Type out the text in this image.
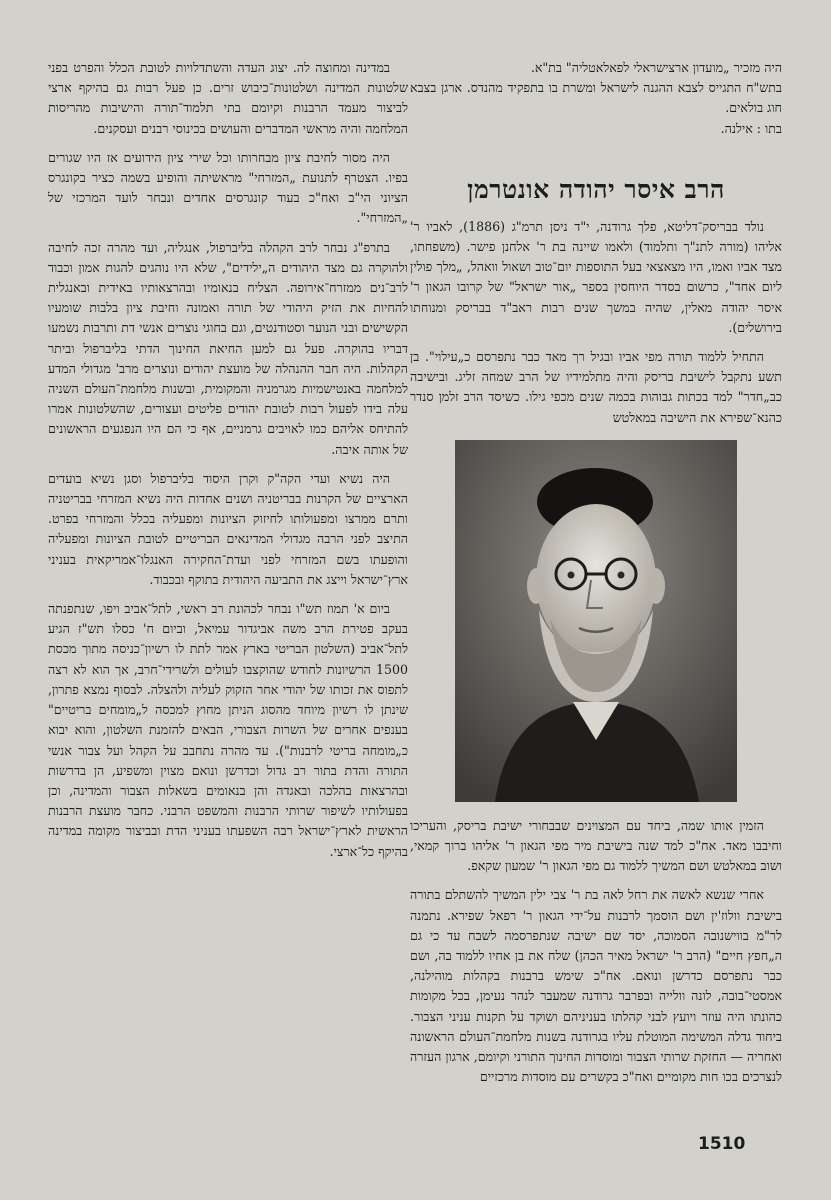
היה מזכיר „מועדון ארצישראלי לפאלאטליה" בת"א.

בתש"ח התגייס לצבא ההגנה לישראל ומשרת בו בתפקיד מהנדס. ארגן בצבא חוג בולאים.

בתו : אילנה.

הרב איסר יהודה אונטרמן

נולד בבריסק־דליטא, פלך גרודנה, י"ד ניסן תרמ"ג (1886), לאביו ר' אליהו (מורה לתנ"ך ותלמוד) ולאמו שיינה בת ר' אלחנן פישר. (משפחתו, מצד אביו ואמו, היו מצאצאי בעל התוספות יום־טוב ושאול וואהל, „מלך פולין ליום אחד", כרשום בסדר היוחסין בספר „אור ישראל" של קרובו הגאון ר' איסר יהודה מאלין, שהיה במשך שנים רבות ראב"ד בבריסק ומנוחתו בירושלים).

התחיל ללמוד תורה מפי אביו ובגיל רך מאד כבר נתפרסם כ„עילוי". בן תשע נתקבל לישיבת בריסק והיה מתלמידיו של הרב שמחה זליג. ובישיבה כב„חדר" למד בכתות גבוהות בכמה שנים מכפי גילו. כשיסד הרב זלמן סנדר כהנא־שפירא את הישיבה במאלטש

הזמין אותו שמה, ביחד עם המצוינים שבבחורי ישיבת בריסק, והעריכו וחיבבו מאד. אח"כ למד שנה בישיבת מיר מפי הגאון ר' אליהו ברוך קמאי, ושוב במאלטש ושם המשיך ללמוד גם מפי הגאון ר' שמעון שקאפ.

אחרי שנשא לאשה את רחל לאה בת ר' צבי ילין המשיך להשתלם בתורה בישיבת וולוז'ין ושם הוסמך לרבנות על־ידי הגאון ר' רפאל שפירא. נתמנה לר"מ בווישנובה הסמוכה, יסד שם ישיבה שנתפרסמה לשבח עד כי גם ה„חפץ חיים" (הרב ר' ישראל מאיר הכהן) שלח את בן אחיו ללמוד בה, ושם כבר נתפרסם כדרשן ונואם. אח"כ שימש ברבנות בקהלות מוהילנה, אמסטי־בובה, לונה וולייה ובפרבר גרודנה שמעבר לנהר נעימן, בכל מקומות כהונתו היה עוזר ויועץ לבני קהלתו בעניניהם ושוקד על תקנות עניני הצבור. ביחוד גדלה המשימה המוטלת עליו בגרודנה בשנות מלחמת־העולם הראשונה ואחריה — החזקת שרותי הצבור ומוסדות החינוך התורני וקיומם, ארגון העזרה לנצרכים בכו חות מקומיים ואח"כ בקשרים עם מוסדות מרכזיים

במדינה ומחוצה לה. יצוג העדה והשתדלויות לטובת הכלל והפרט בפני שלטונות המדינה ושלטונות־כיבוש זרים. כן פעל רבות גם בהיקף ארצי לביצור מעמד הרבנות וקיומם בתי תלמוד־תורה והישיבות מהריסות המלחמה והיה מראשי המדברים והעושים בכינוסי רבנים ועסקנים.

היה מסור לחיבת ציון מבחרותו וכל שירי ציון הידועים אז היו שגורים בפיו. הצטרף לתנועת „המזרחי" מראשיתה והופיע בשמה כציר בקונגרס הציוני הי"ב ואח"כ בעוד קונגרסים אחדים ונבחר לועד המרכזי של „המזרחי".

בתרפ"ג נבחר לרב הקהלה בליברפול, אנגליה, ועד מהרה זכה לחיבה ולהוקרה גם מצד היהודים ה„ילידים", שלא היו נוהגים להגות אמון וכבוד לרב־נים ממזרח־אירופה. הצליח בנאומיו ובהרצאותיו באידית ובאנגלית להחיות את הזיק היהודי של תורה ואמונה וחיבת ציון בלבות שומעיו הקשישים ובני הנוער וסטודנטים, וגם בחוגי נוצרים אנשי דת ותרבות נשמעו דבריו בהוקרה. פעל גם למען החיאת החינוך הדתי בליברפול וביתר הקהלות. היה חבר ההנהלה של מועצת יהודים ונוצרים מרב' מגדולי המדע למלחמה באנטישמיות מגרמניה והמקומית, ובשנות מלחמת־העולם השניה עלה בידו לפעול רבות לטובת יהודים פליטים ועצורים, שהשלטונות אמרו להתיחס אליהם כמו לאויבים גרמניים, אף כי הם היו הנפגעים הראשונים של אותה איבה.

היה נשיא ועדי הקה"ק וקרן היסוד בליברפול וסגן נשיא בועדים הארציים של הקרנות בבריטניה ושנים אחדות היה נשיא המזרחי בבריטניה ותרם ממרצו ומפעולותו לחיזוק הציונות ומפעליה בכלל והמזרחי בפרט. התיצב לפני הרבה מגדולי המדינאים הבריטיים לטובת הציונות ומפעליה והופעתו בשם המזרחי לפני ועדת־החקירה האנגלו־אמריקאית בעניני ארץ־ישראל וייצג את התביעה היהודית בתוקף ובכבוד.

ביום א' תמוז תש"ו נבחר לכהונת רב ראשי, לתל־אביב ויפו, שנתפנתה בעקב פטירת הרב משה אביגדור עמיאל, וביום ח' כסלו תש"ז הגיע לתל־אביב (השלטון הבריטי בארץ אמר לתת לו רשיון־כניסה מתוך מכסת 1500 הרשיונות לחודש שהוקצבו לעולים ולשרידי־חרב, אך הוא לא רצה לתפוס את זכותו של יהודי אחר הזקוק לעליה ולהצלה. לבסוף נמצא פתרון, שינתן לו רשיון מיוחד מהסוג הניתן מחוץ למכסה ל„מומחים בריטיים" בענפים אחרים של השרות הצבורי, הבאים להזמנת השלטון, והוא יבוא כ„מומחה בריטי לרבנות"). עד מהרה נתחבב על הקהל ועל צבור אנשי התורה והדת בתור רב גדול וכדרשן ונואם מצוין ומשפיע, הן בדרשות ובהרצאות בהלכה ובאגדה והן בנאומים בשאלות הצבור והמדינה, וכן בפעולותיו לשיפור שרותי הרבנות והמשפט הרבני. כחבר מועצת הרבנות הראשית לארץ־ישראל רבה השפעתו בעניני הדת ובביצור מקומה במדינה בהיקף כל־ארצי.

1510
